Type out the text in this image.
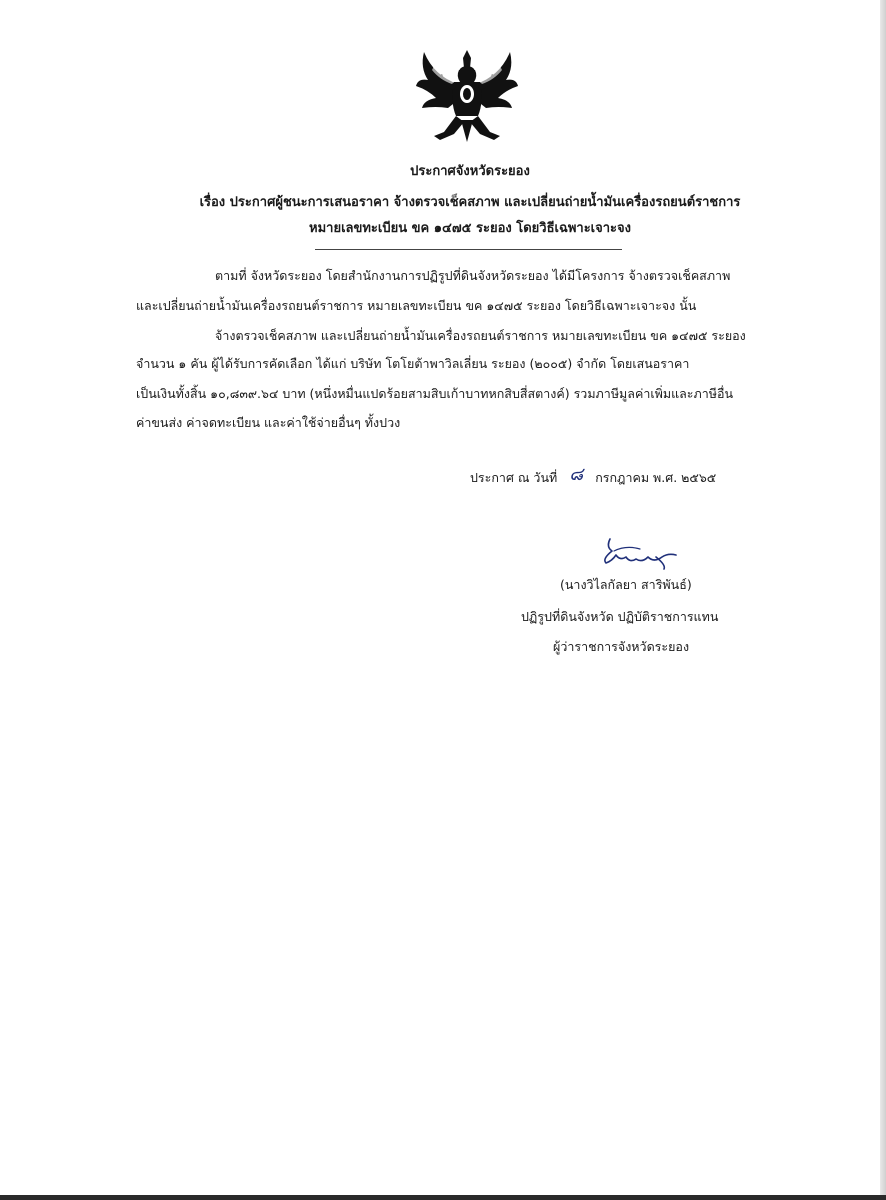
ประกาศจังหวัดระยอง
เรื่อง ประกาศผู้ชนะการเสนอราคา จ้างตรวจเช็คสภาพ และเปลี่ยนถ่ายน้ำมันเครื่องรถยนต์ราชการ
หมายเลขทะเบียน ขค ๑๔๗๕ ระยอง โดยวิธีเฉพาะเจาะจง
ตามที่ จังหวัดระยอง โดยสำนักงานการปฏิรูปที่ดินจังหวัดระยอง ได้มีโครงการ จ้างตรวจเช็คสภาพ
และเปลี่ยนถ่ายน้ำมันเครื่องรถยนต์ราชการ หมายเลขทะเบียน ขค ๑๔๗๕ ระยอง โดยวิธีเฉพาะเจาะจง นั้น
จ้างตรวจเช็คสภาพ และเปลี่ยนถ่ายน้ำมันเครื่องรถยนต์ราชการ หมายเลขทะเบียน ขค ๑๔๗๕ ระยอง
จำนวน ๑ คัน ผู้ได้รับการคัดเลือก ได้แก่ บริษัท โตโยต้าพาวิลเลี่ยน ระยอง (๒๐๐๕) จำกัด โดยเสนอราคา
เป็นเงินทั้งสิ้น ๑๐,๘๓๙.๖๔ บาท (หนึ่งหมื่นแปดร้อยสามสิบเก้าบาทหกสิบสี่สตางค์) รวมภาษีมูลค่าเพิ่มและภาษีอื่น
ค่าขนส่ง ค่าจดทะเบียน และค่าใช้จ่ายอื่นๆ ทั้งปวง
ประกาศ ณ วันที่ ๘ กรกฎาคม พ.ศ. ๒๕๖๕
(นางวิไลกัลยา สาริพันธ์)
ปฏิรูปที่ดินจังหวัด ปฏิบัติราชการแทน
ผู้ว่าราชการจังหวัดระยอง
